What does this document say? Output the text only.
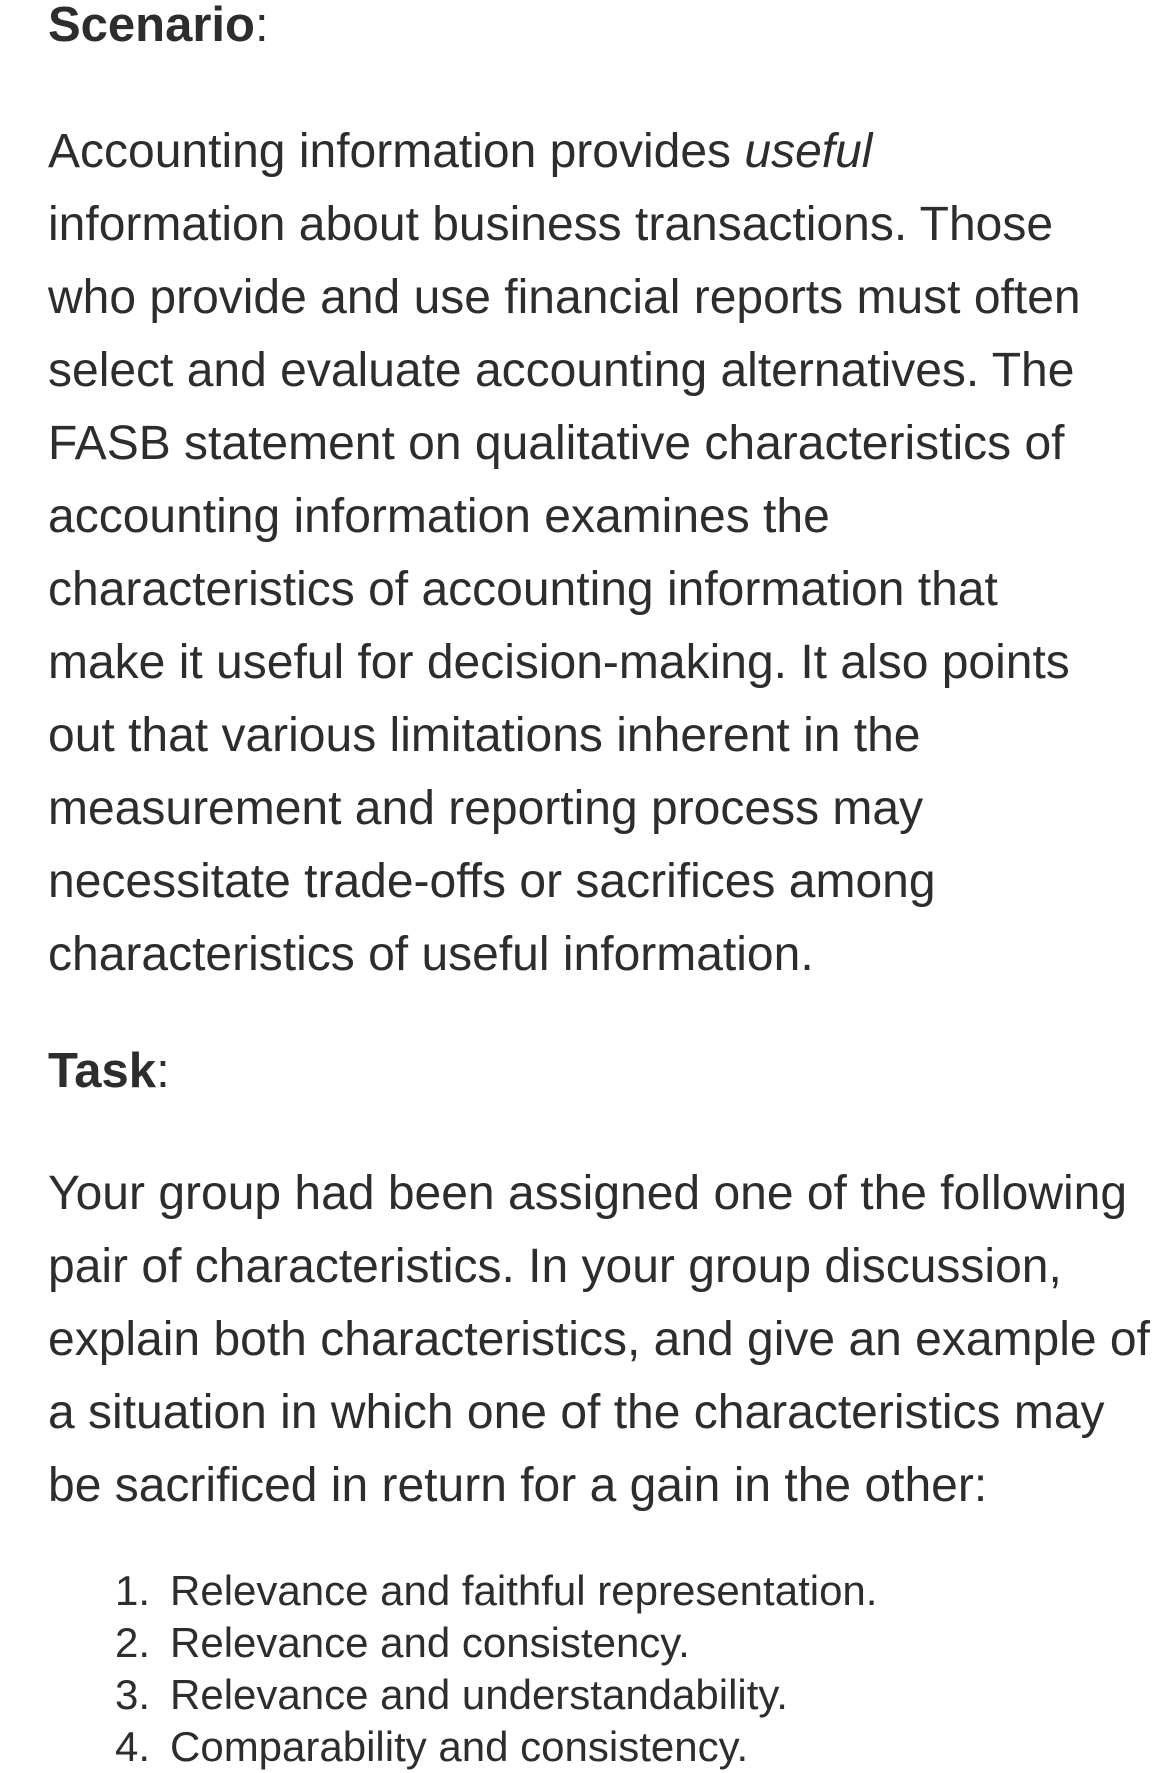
Scenario:

Accounting information provides useful
information about business transactions. Those
who provide and use financial reports must often
select and evaluate accounting alternatives. The
FASB statement on qualitative characteristics of
accounting information examines the
characteristics of accounting information that
make it useful for decision-making. It also points
out that various limitations inherent in the
measurement and reporting process may
necessitate trade-offs or sacrifices among
characteristics of useful information.

Task:

Your group had been assigned one of the following
pair of characteristics. In your group discussion,
explain both characteristics, and give an example of
a situation in which one of the characteristics may
be sacrificed in return for a gain in the other:

1. Relevance and faithful representation.
2. Relevance and consistency.
3. Relevance and understandability.
4. Comparability and consistency.
